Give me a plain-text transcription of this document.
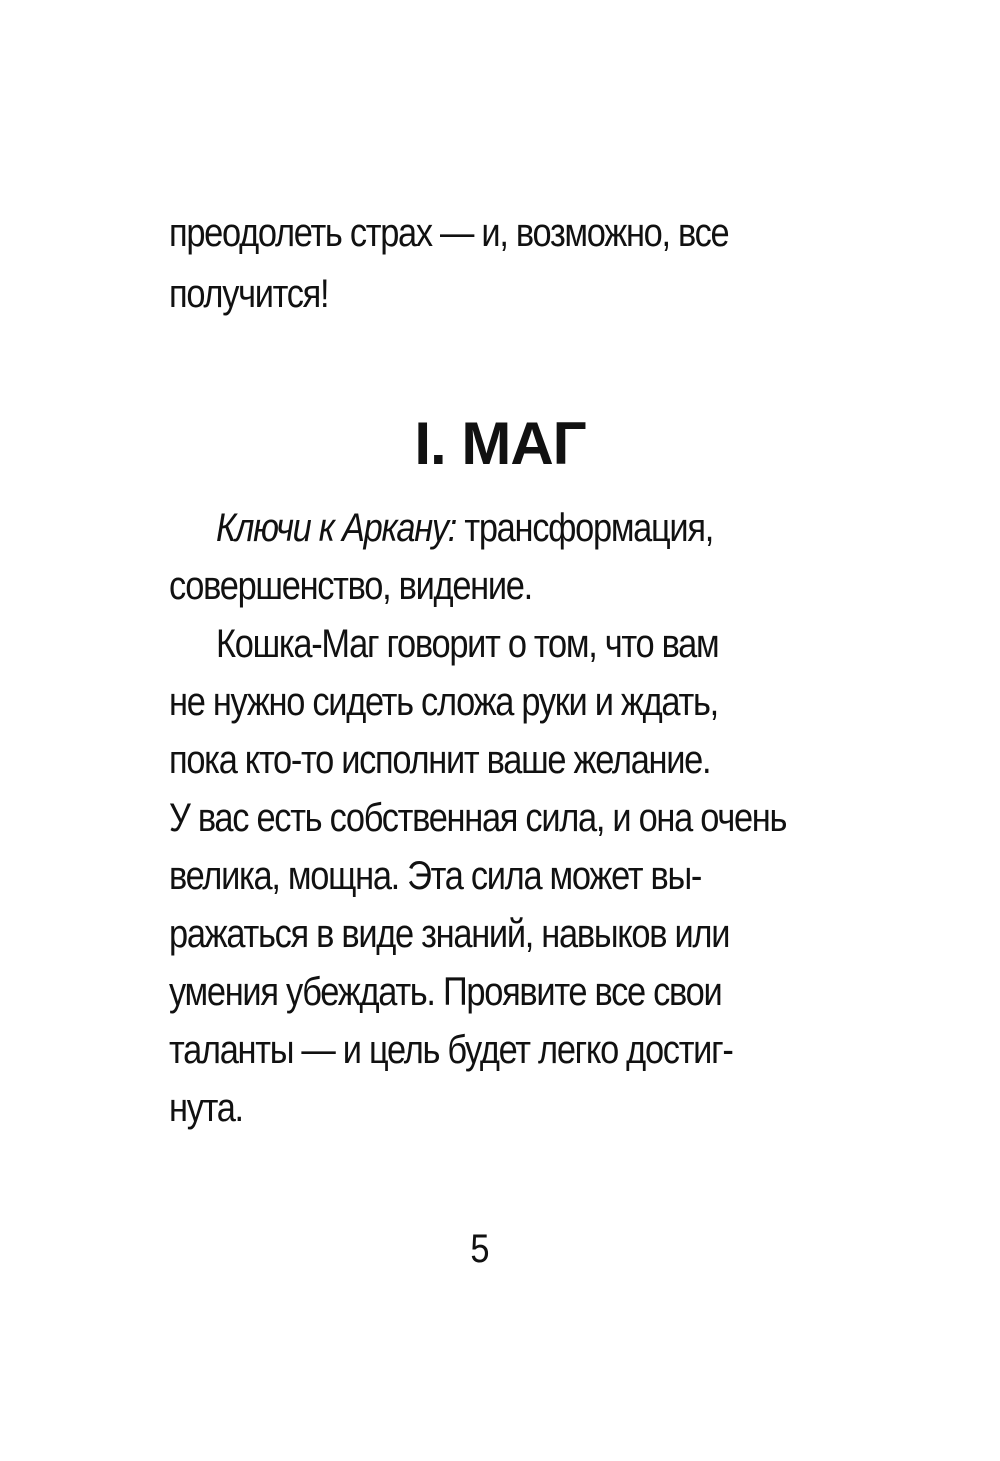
преодолеть страх — и, возможно, все

получится!

I. МАГ

Ключи к Аркану: трансформация,

совершенство, видение.

Кошка-Маг говорит о том, что вам

не нужно сидеть сложа руки и ждать,

пока кто-то исполнит ваше желание.

У вас есть собственная сила, и она очень

велика, мощна. Эта сила может вы-

ражаться в виде знаний, навыков или

умения убеждать. Проявите все свои

таланты — и цель будет легко достиг-

нута.

5
